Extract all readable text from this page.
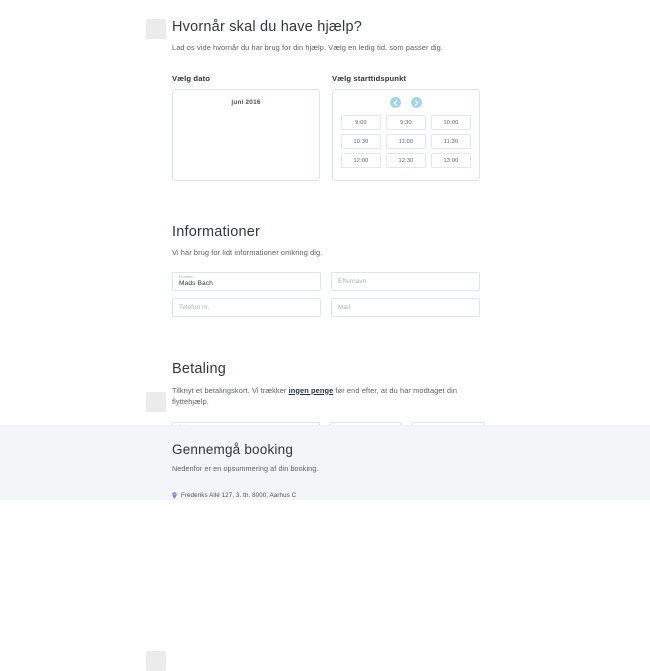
Hvornår skal du have hjælp?

Lad os vide hvornår du har brug for din hjælp. Vælg en ledig tid, som passer dig.

Vælg dato
juni 2016
Vælg starttidspunkt
9:00	9:30	10:00
10:30	11:00	11:30
12:00	12:30	13:00
···
Informationer

Vi har brug for lidt informationer omkring dig.

Fornavn
Mads Bach	Efternavn
Telefon nr.	Mail
Betaling

Tilknyt et betalingskort. Vi trækker ingen penge før end efter, at du har modtaget din flyttehjælp.

Gennemgå booking

Nedenfor er en opsummering af din booking.

Frederiks Allé 127, 3. th. 8000, Aarhus C
